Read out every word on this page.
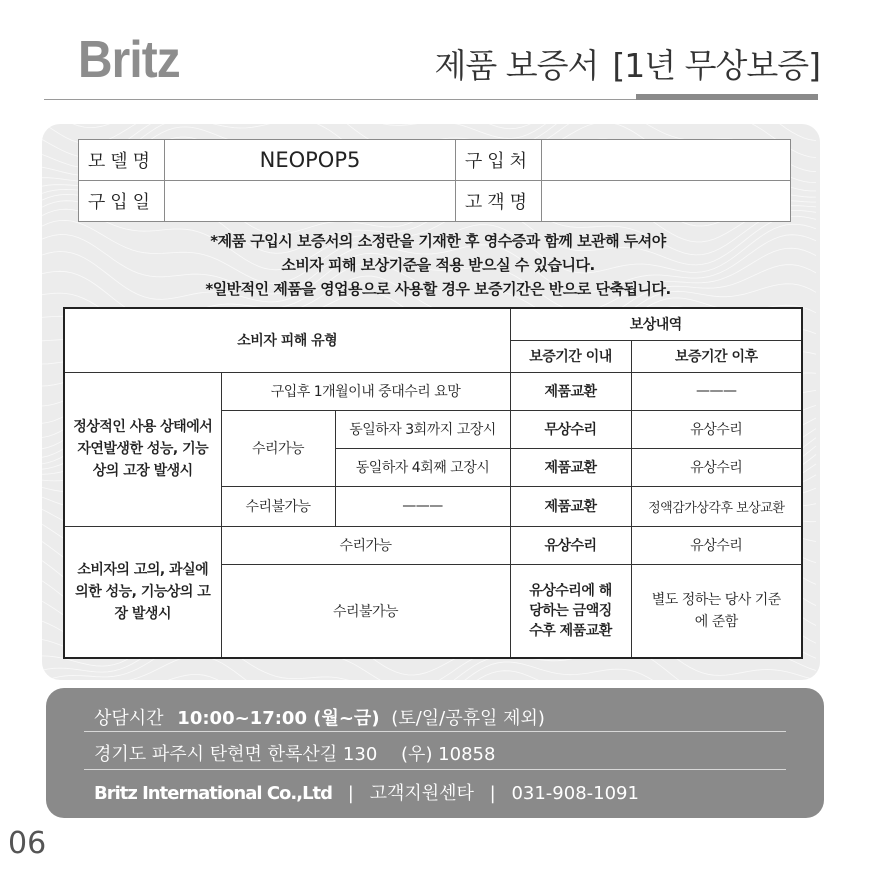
Britz	제품 보증서 [1년 무상보증]
모델명	NEOPOP5	구입처	
구입일		고객명	
*제품 구입시 보증서의 소정란을 기재한 후 영수증과 함께 보관해 두셔야
소비자 피해 보상기준을 적용 받으실 수 있습니다.
*일반적인 제품을 영업용으로 사용할 경우 보증기간은 반으로 단축됩니다.
소비자 피해 유형			보상내역	
			보증기간 이내	보증기간 이후
정상적인 사용 상태에서 자연발생한 성능, 기능상의 고장 발생시	구입후 1개월이내 중대수리 요망		제품교환	———
	수리가능	동일하자 3회까지 고장시	무상수리	유상수리
		동일하자 4회째 고장시	제품교환	유상수리
	수리불가능	———	제품교환	정액감가상각후 보상교환
소비자의 고의, 과실에 의한 성능, 기능상의 고장 발생시	수리가능		유상수리	유상수리
	수리불가능		유상수리에 해당하는 금액징수후 제품교환	별도 정하는 당사 기준에 준함
상담시간 10:00~17:00 (월~금) (토/일/공휴일 제외)
경기도 파주시 탄현면 한록산길 130 (우) 10858
Britz International Co.,Ltd | 고객지원센타 | 031-908-1091
06
